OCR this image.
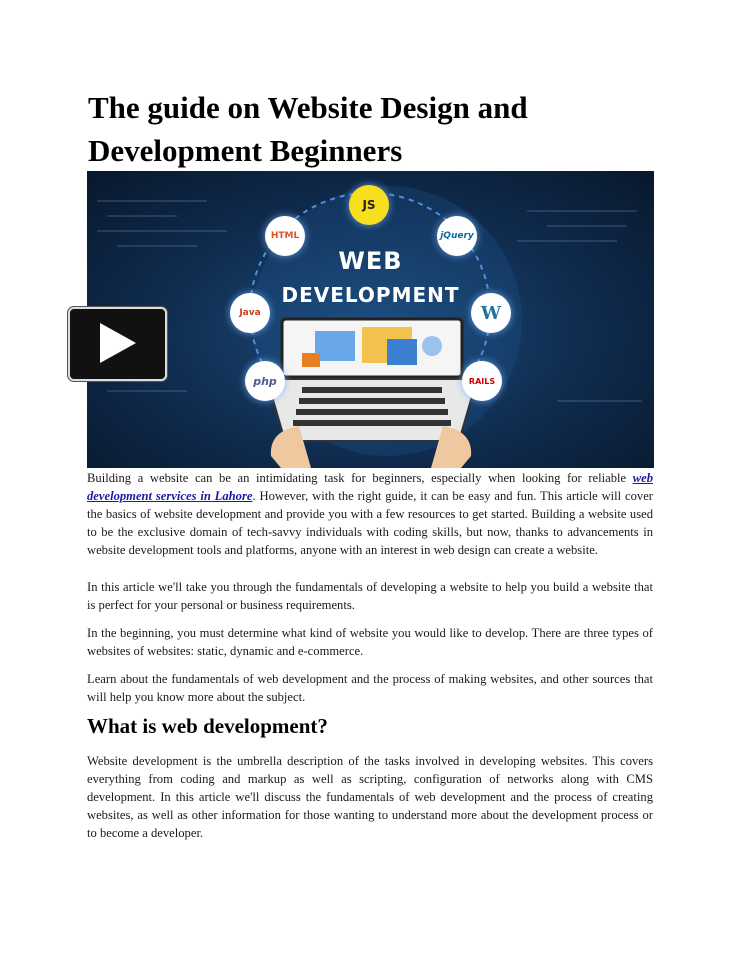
The guide on Website Design and Development Beginners
WEB
DEVELOPMENT
JS
HTML	jQuery
Java	W
php	RAILS

Building a website can be an intimidating task for beginners, especially when looking for reliable web development services in Lahore. However, with the right guide, it can be easy and fun. This article will cover the basics of website development and provide you with a few resources to get started. Building a website used to be the exclusive domain of tech-savvy individuals with coding skills, but now, thanks to advancements in website development tools and platforms, anyone with an interest in web design can create a website.

In this article we'll take you through the fundamentals of developing a website to help you build a website that is perfect for your personal or business requirements.

In the beginning, you must determine what kind of website you would like to develop. There are three types of websites of websites: static, dynamic and e-commerce.

Learn about the fundamentals of web development and the process of making websites, and other sources that will help you know more about the subject.

What is web development?

Website development is the umbrella description of the tasks involved in developing websites. This covers everything from coding and markup as well as scripting, configuration of networks along with CMS development. In this article we'll discuss the fundamentals of web development and the process of creating websites, as well as other information for those wanting to understand more about the development process or to become a developer.
